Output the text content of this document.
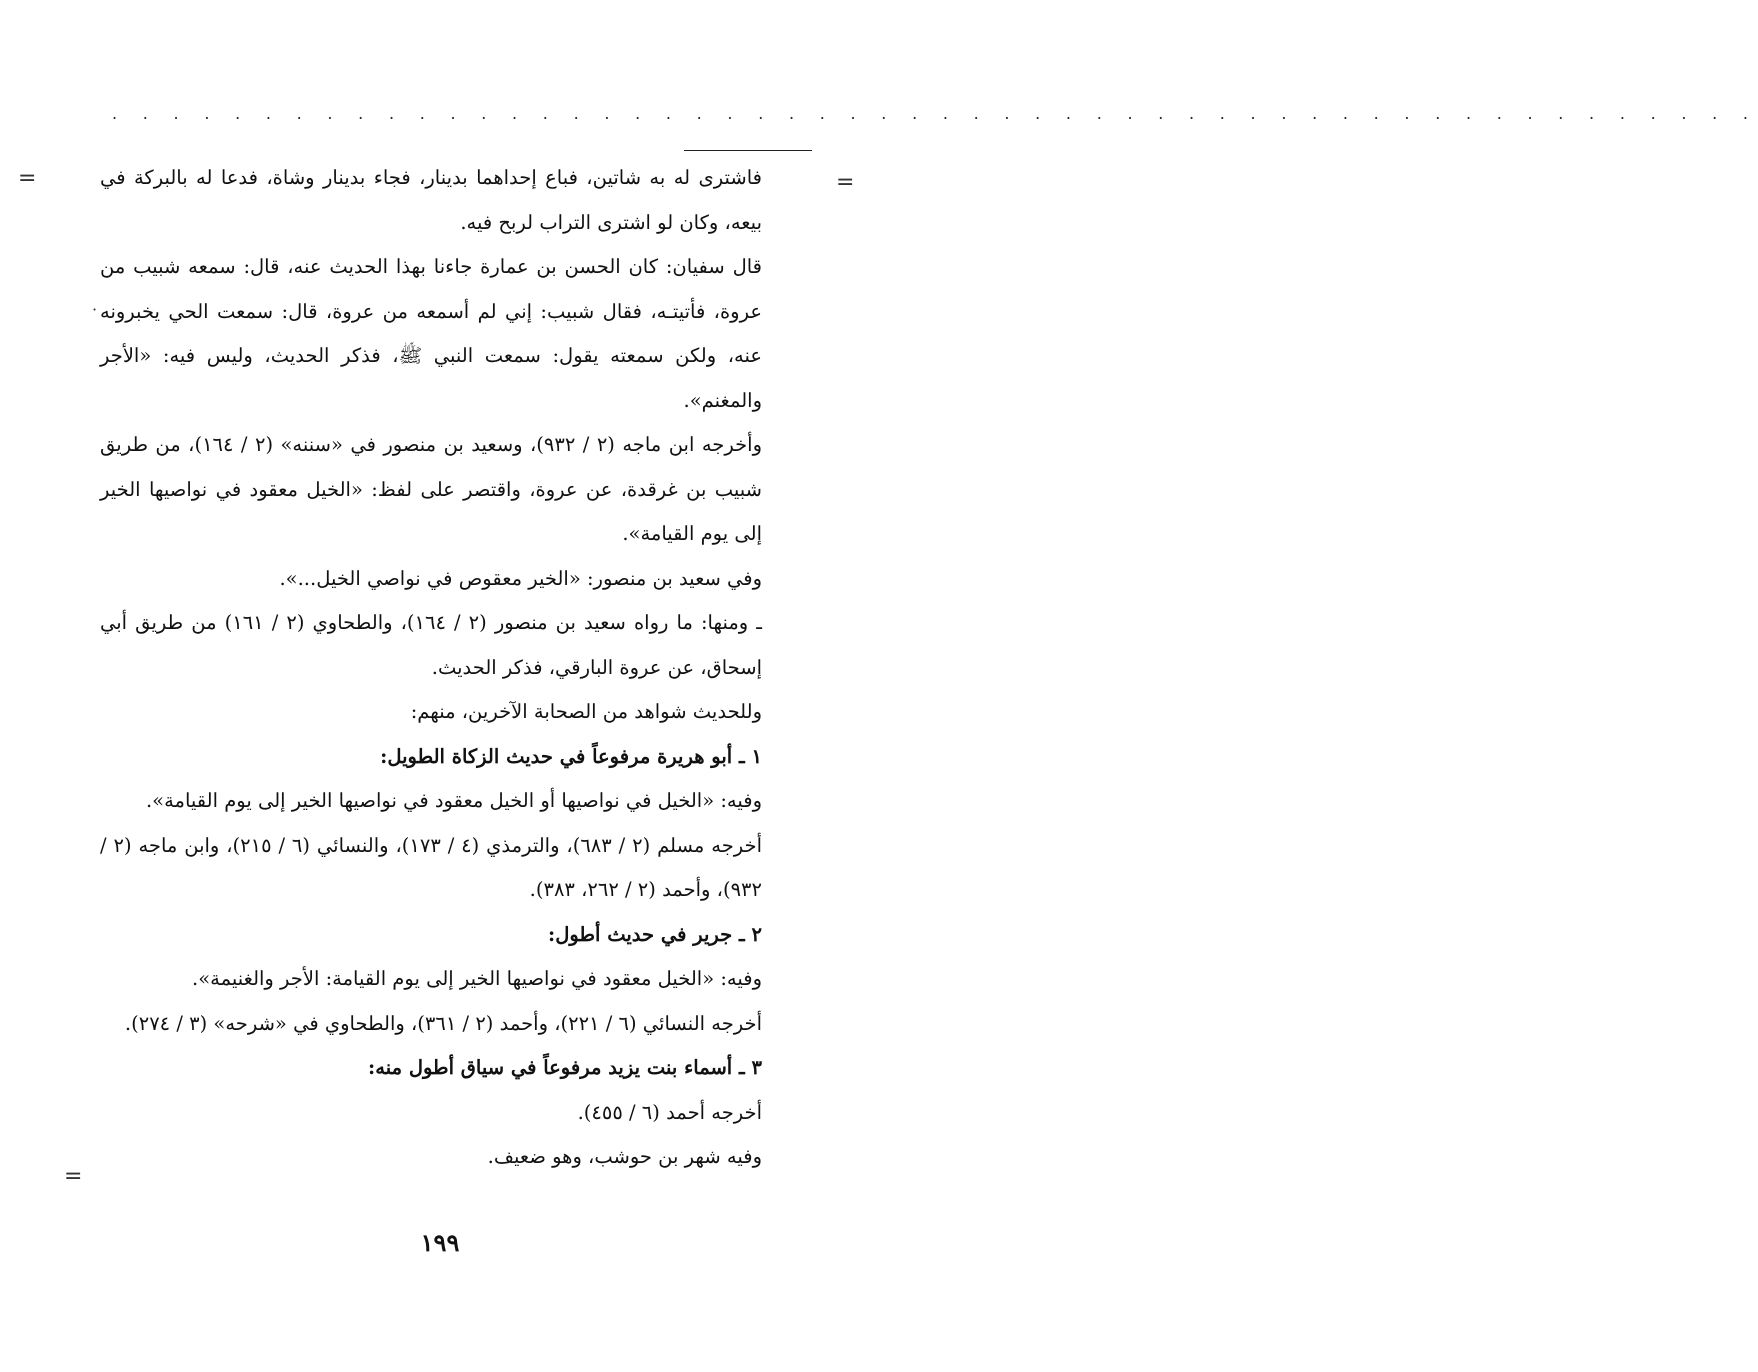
. . . . . . . . . . . . . . . . . . . . . . . . . . . . . . . . . . . . . . . . . . . . . . . . . . . . . .
=	=
=
·

فاشترى له به شاتين، فباع إحداهما بدينار، فجاء بدينار وشاة، فدعا له بالبركة في بيعه، وكان لو اشترى التراب لربح فيه.

قال سفيان: كان الحسن بن عمارة جاءنا بهذا الحديث عنه، قال: سمعه شبيب من عروة، فأتيتـه، فقال شبيب: إني لم أسمعه من عروة، قال: سمعت الحي يخبرونه عنه، ولكن سمعته يقول: سمعت النبي ﷺ، فذكر الحديث، وليس فيه: «الأجر والمغنم».

وأخرجه ابن ماجه (٢ / ٩٣٢)، وسعيد بن منصور في «سننه» (٢ / ١٦٤)، من طريق شبيب بن غرقدة، عن عروة، واقتصر على لفظ: «الخيل معقود في نواصيها الخير إلى يوم القيامة».

وفي سعيد بن منصور: «الخير معقوص في نواصي الخيل...».

ـ ومنها: ما رواه سعيد بن منصور (٢ / ١٦٤)، والطحاوي (٢ / ١٦١) من طريق أبي إسحاق، عن عروة البارقي، فذكر الحديث.

وللحديث شواهد من الصحابة الآخرين، منهم:

١ ـ أبو هريرة مرفوعاً في حديث الزكاة الطويل:

وفيه: «الخيل في نواصيها أو الخيل معقود في نواصيها الخير إلى يوم القيامة».

أخرجه مسلم (٢ / ٦٨٣)، والترمذي (٤ / ١٧٣)، والنسائي (٦ / ٢١٥)، وابن ماجه (٢ / ٩٣٢)، وأحمد (٢ / ٢٦٢، ٣٨٣).

٢ ـ جرير في حديث أطول:

وفيه: «الخيل معقود في نواصيها الخير إلى يوم القيامة: الأجر والغنيمة».

أخرجه النسائي (٦ / ٢٢١)، وأحمد (٢ / ٣٦١)، والطحاوي في «شرحه» (٣ / ٢٧٤).

٣ ـ أسماء بنت يزيد مرفوعاً في سياق أطول منه:

أخرجه أحمد (٦ / ٤٥٥).

وفيه شهر بن حوشب، وهو ضعيف.

١٩٩
